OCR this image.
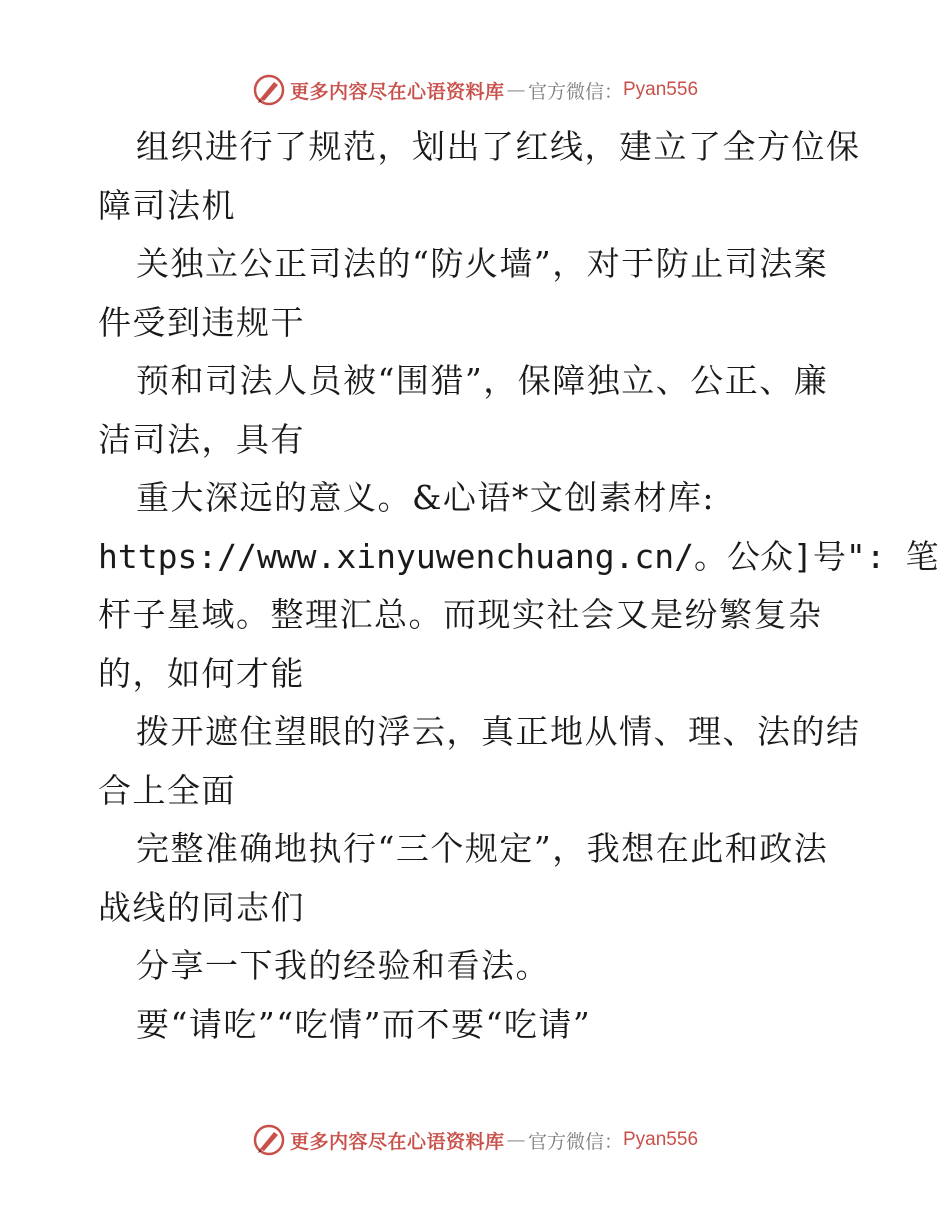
更多内容尽在心语资料库 — 官方微信： Pyan556
组织进行了规范，划出了红线，建立了全方位保
障司法机
关独立公正司法的“防火墙”，对于防止司法案
件受到违规干
预和司法人员被“围猎”，保障独立、公正、廉
洁司法，具有
重大深远的意义。&心语*文创素材库:
https://www.xinyuwenchuang.cn/。公众]号": 笔
杆子星域。整理汇总。而现实社会又是纷繁复杂
的，如何才能
拨开遮住望眼的浮云，真正地从情、理、法的结
合上全面
完整准确地执行“三个规定”，我想在此和政法
战线的同志们
分享一下我的经验和看法。
要“请吃”“吃情”而不要“吃请”
更多内容尽在心语资料库 — 官方微信： Pyan556
